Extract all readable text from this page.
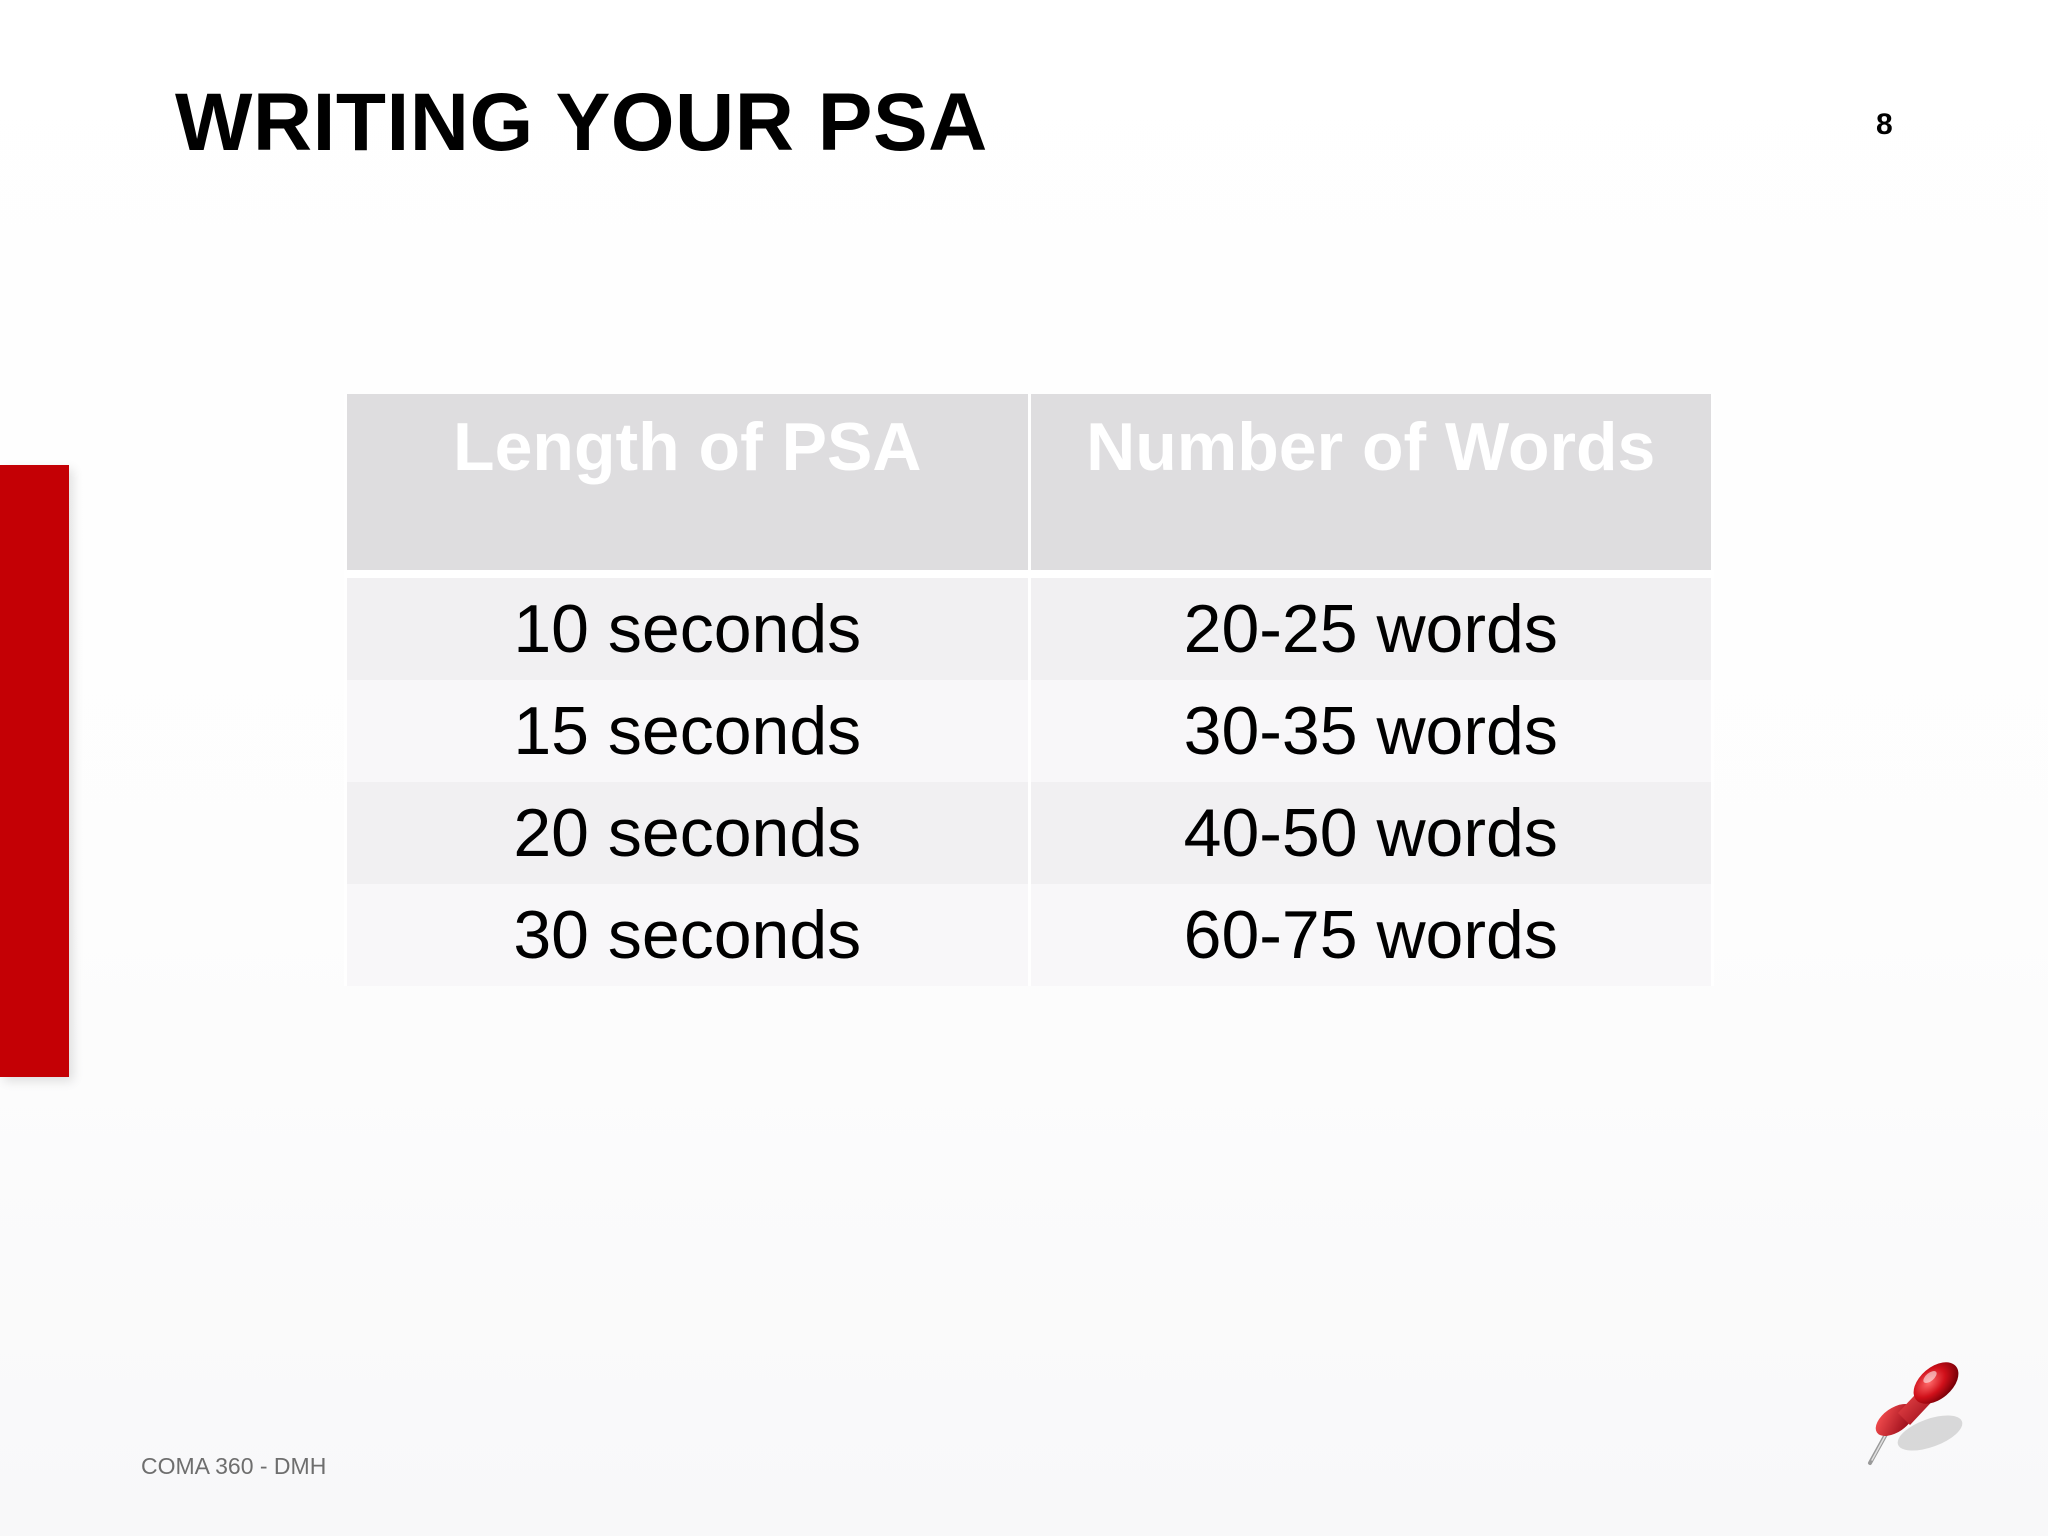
WRITING YOUR PSA	8
Length of PSA	Number of Words
10 seconds	20-25 words
15 seconds	30-35 words
20 seconds	40-50 words
30 seconds	60-75 words
COMA 360 - DMH
